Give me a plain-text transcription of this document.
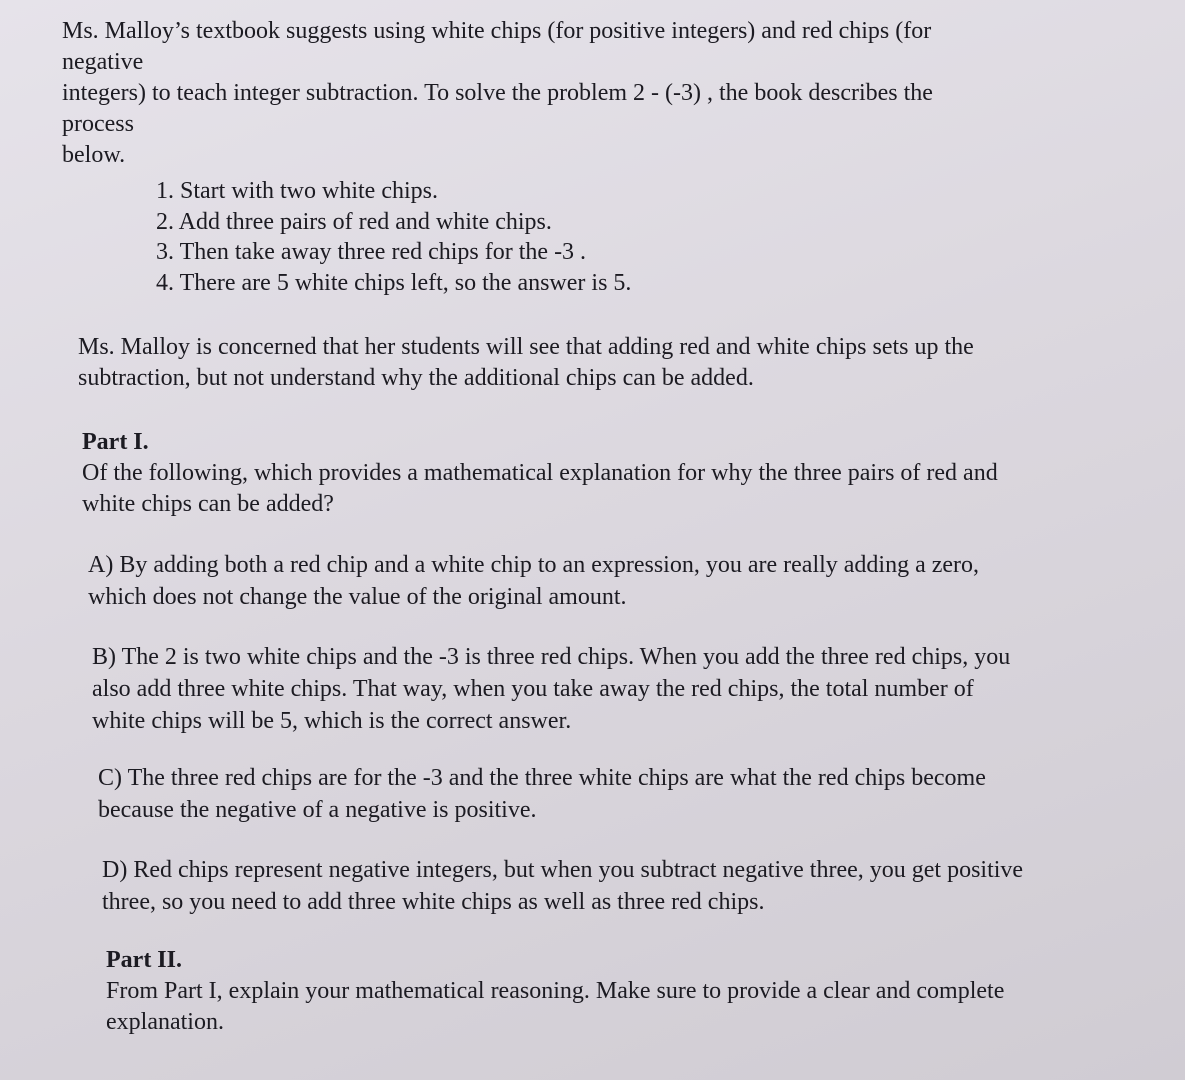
Ms. Malloy’s textbook suggests using white chips (for positive integers) and red chips (for
negative
integers) to teach integer subtraction. To solve the problem 2 - (-3) , the book describes the
process
below.
1. Start with two white chips.
2. Add three pairs of red and white chips.
3. Then take away three red chips for the -3 .
4. There are 5 white chips left, so the answer is 5.
Ms. Malloy is concerned that her students will see that adding red and white chips sets up the
subtraction, but not understand why the additional chips can be added.
Part I.
Of the following, which provides a mathematical explanation for why the three pairs of red and
white chips can be added?
A) By adding both a red chip and a white chip to an expression, you are really adding a zero,
which does not change the value of the original amount.
B) The 2 is two white chips and the -3 is three red chips. When you add the three red chips, you
also add three white chips. That way, when you take away the red chips, the total number of
white chips will be 5, which is the correct answer.
C) The three red chips are for the -3 and the three white chips are what the red chips become
because the negative of a negative is positive.
D) Red chips represent negative integers, but when you subtract negative three, you get positive
three, so you need to add three white chips as well as three red chips.
Part II.
From Part I, explain your mathematical reasoning. Make sure to provide a clear and complete
explanation.
